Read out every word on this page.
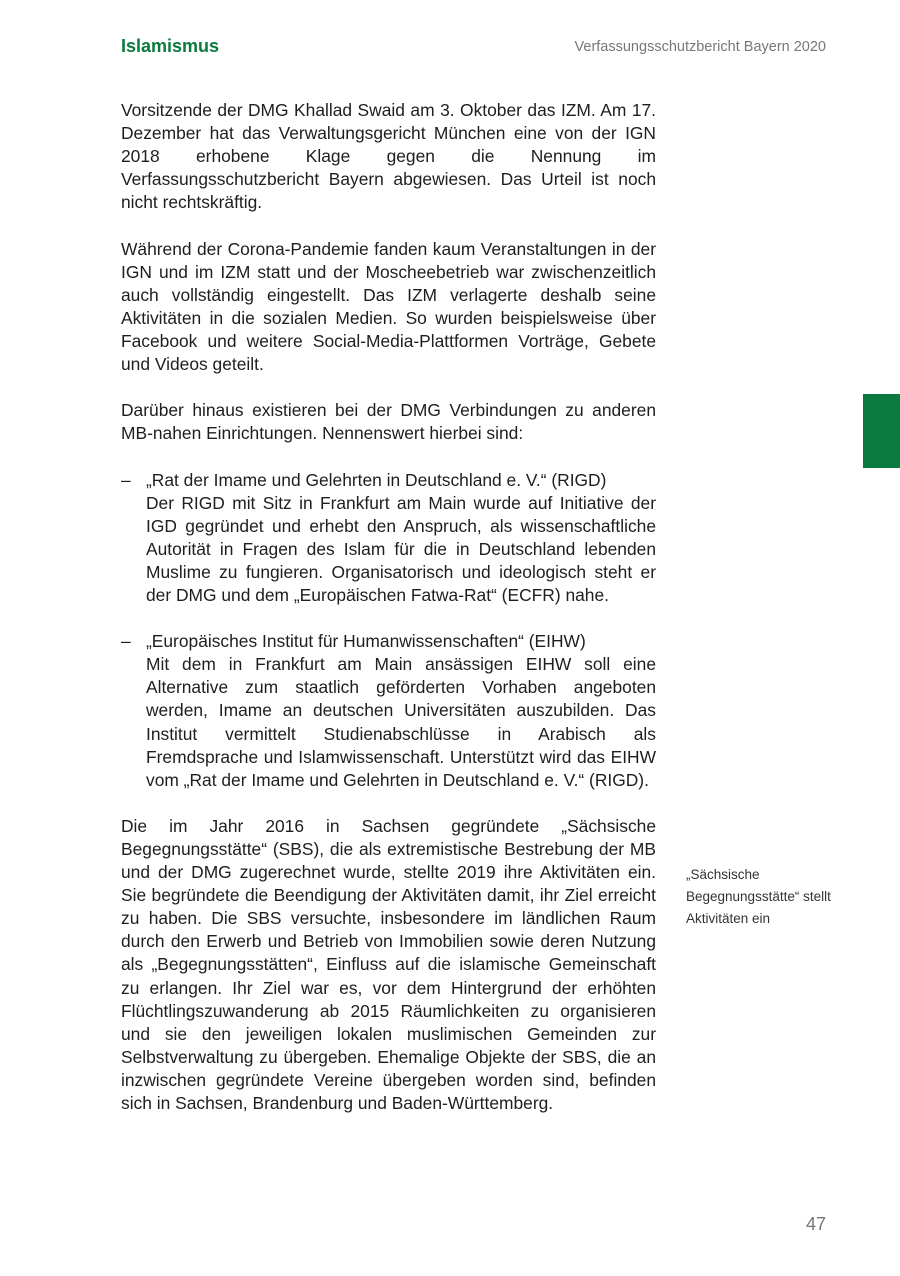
Islamismus	Verfassungsschutzbericht Bayern 2020

Vorsitzende der DMG Khallad Swaid am 3. Oktober das IZM. Am 17. Dezember hat das Verwaltungsgericht München eine von der IGN 2018 erhobene Klage gegen die Nennung im Verfassungsschutzbericht Bayern abgewiesen. Das Urteil ist noch nicht rechtskräftig.

Während der Corona-Pandemie fanden kaum Veranstaltungen in der IGN und im IZM statt und der Moscheebetrieb war zwischenzeitlich auch vollständig eingestellt. Das IZM verlagerte deshalb seine Aktivitäten in die sozialen Medien. So wurden beispielsweise über Facebook und weitere Social-Media-Plattformen Vorträge, Gebete und Videos geteilt.

Darüber hinaus existieren bei der DMG Verbindungen zu anderen MB-nahen Einrichtungen. Nennenswert hierbei sind:

– „Rat der Imame und Gelehrten in Deutschland e. V.“ (RIGD)
Der RIGD mit Sitz in Frankfurt am Main wurde auf Initiative der IGD gegründet und erhebt den Anspruch, als wissenschaftliche Autorität in Fragen des Islam für die in Deutschland lebenden Muslime zu fungieren. Organisatorisch und ideologisch steht er der DMG und dem „Europäischen Fatwa-Rat“ (ECFR) nahe.
– „Europäisches Institut für Humanwissenschaften“ (EIHW)
Mit dem in Frankfurt am Main ansässigen EIHW soll eine Alternative zum staatlich geförderten Vorhaben angeboten werden, Imame an deutschen Universitäten auszubilden. Das Institut vermittelt Studienabschlüsse in Arabisch als Fremdsprache und Islamwissenschaft. Unterstützt wird das EIHW vom „Rat der Imame und Gelehrten in Deutschland e. V.“ (RIGD).

Die im Jahr 2016 in Sachsen gegründete „Sächsische Begegnungsstätte“ (SBS), die als extremistische Bestrebung der MB und der DMG zugerechnet wurde, stellte 2019 ihre Aktivitäten ein. Sie begründete die Beendigung der Aktivitäten damit, ihr Ziel erreicht zu haben. Die SBS versuchte, insbesondere im ländlichen Raum durch den Erwerb und Betrieb von Immobilien sowie deren Nutzung als „Begegnungsstätten“, Einfluss auf die islamische Gemeinschaft zu erlangen. Ihr Ziel war es, vor dem Hintergrund der erhöhten Flüchtlingszuwanderung ab 2015 Räumlichkeiten zu organisieren und sie den jeweiligen lokalen muslimischen Gemeinden zur Selbstverwaltung zu übergeben. Ehemalige Objekte der SBS, die an inzwischen gegründete Vereine übergeben worden sind, befinden sich in Sachsen, Brandenburg und Baden-Württemberg.

„Sächsische Begegnungsstätte“ stellt Aktivitäten ein
47
